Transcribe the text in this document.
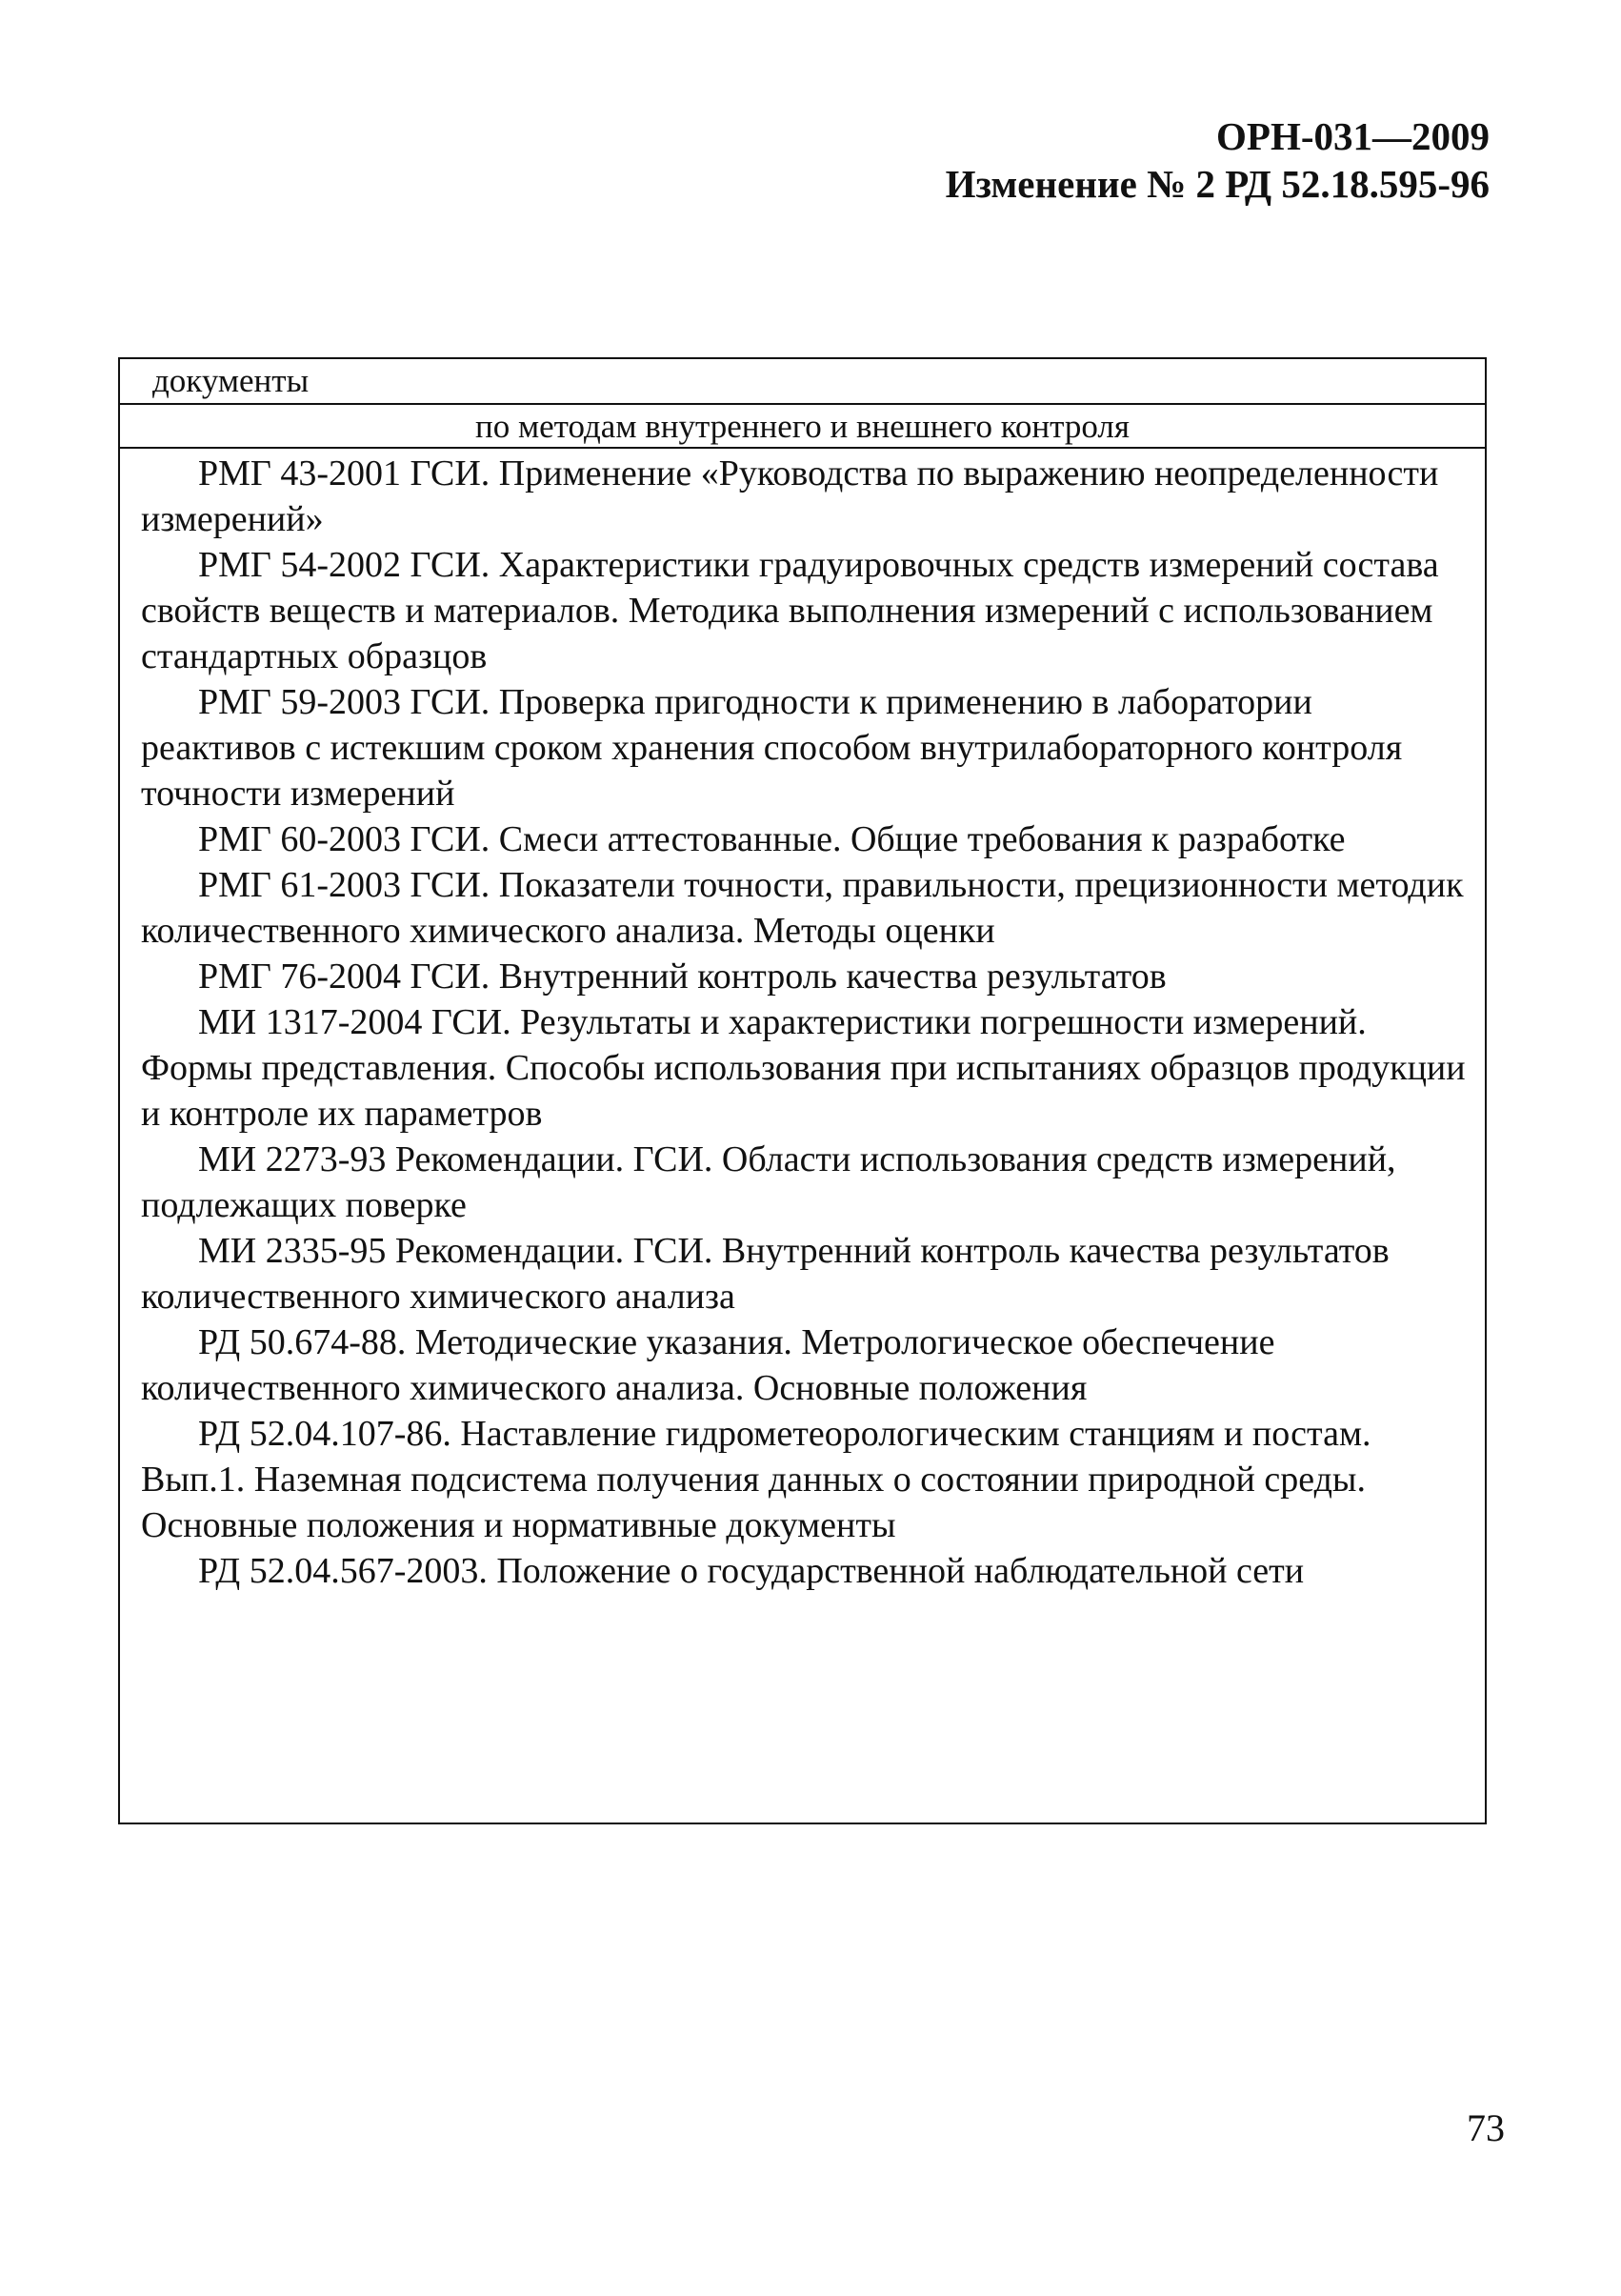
ОРН-031—2009
Изменение № 2 РД 52.18.595-96
документы
по методам внутреннего и внешнего контроля
РМГ 43-2001 ГСИ. Применение «Руководства по выражению неопределенности измерений»
РМГ 54-2002 ГСИ. Характеристики градуировочных средств измерений состава свойств веществ и материалов. Методика выполнения измерений с использованием стандартных образцов
РМГ 59-2003 ГСИ. Проверка пригодности к применению в лаборатории реактивов с истекшим сроком хранения способом внутрилабораторного контроля точности измерений
РМГ 60-2003 ГСИ. Смеси аттестованные. Общие требования к разработке
РМГ 61-2003 ГСИ. Показатели точности, правильности, прецизионности методик количественного химического анализа. Методы оценки
РМГ 76-2004 ГСИ. Внутренний контроль качества результатов
МИ 1317-2004 ГСИ. Результаты и характеристики погрешности измерений. Формы представления. Способы использования при испытаниях образцов продукции и контроле их параметров
МИ 2273-93 Рекомендации. ГСИ. Области использования средств измерений, подлежащих поверке
МИ 2335-95 Рекомендации. ГСИ. Внутренний контроль качества результатов количественного химического анализа
РД 50.674-88. Методические указания. Метрологическое обеспечение количественного химического анализа. Основные положения
РД 52.04.107-86. Наставление гидрометеорологическим станциям и постам. Вып.1. Наземная подсистема получения данных о состоянии природной среды. Основные положения и нормативные документы
РД 52.04.567-2003. Положение о государственной наблюдательной сети
73
